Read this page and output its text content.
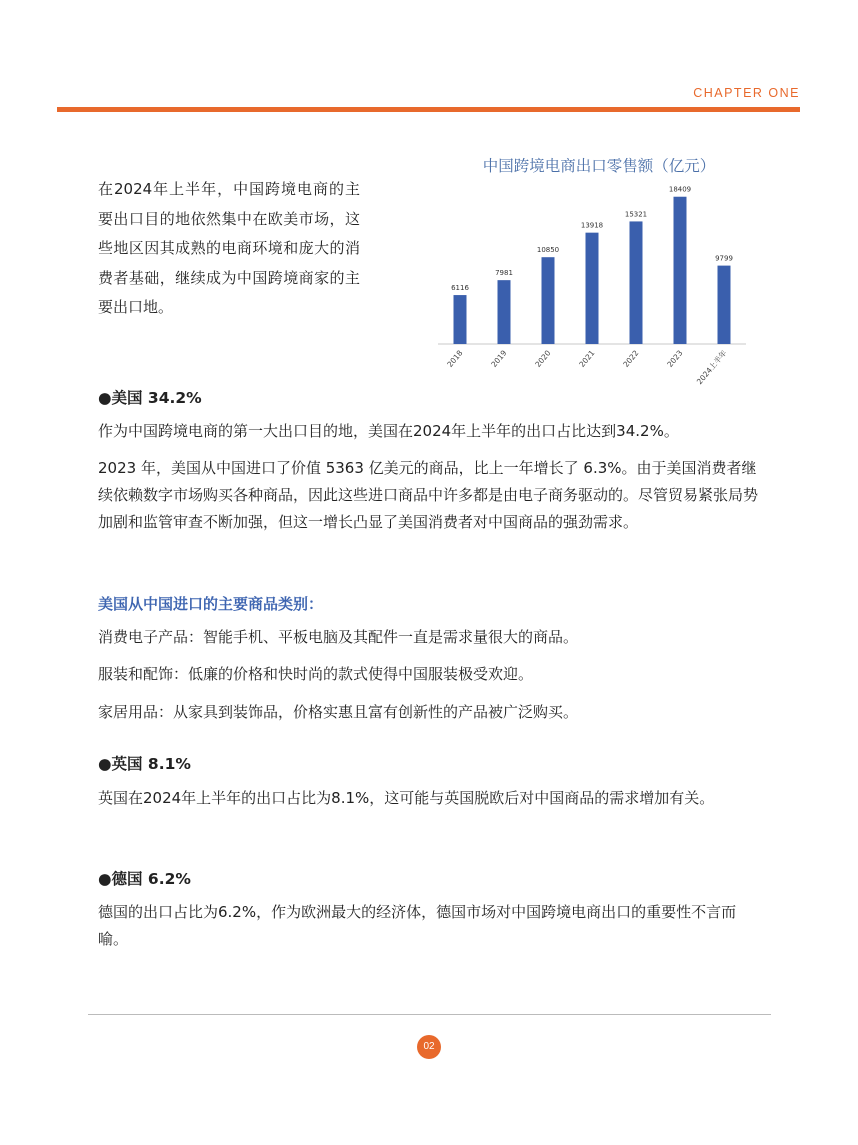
CHAPTER ONE

在2024年上半年，中国跨境电商的主要出口目的地依然集中在欧美市场，这些地区因其成熟的电商环境和庞大的消费者基础，继续成为中国跨境商家的主要出口地。

中国跨境电商出口零售额（亿元）
6116
2018
7981
2019
10850
2020
13918
2021
15321
2022
18409
2023
9799
2024上半年
●美国 34.2%

作为中国跨境电商的第一大出口目的地，美国在2024年上半年的出口占比达到34.2%。

2023 年，美国从中国进口了价值 5363 亿美元的商品，比上一年增长了 6.3%。由于美国消费者继续依赖数字市场购买各种商品，因此这些进口商品中许多都是由电子商务驱动的。尽管贸易紧张局势加剧和监管审查不断加强，但这一增长凸显了美国消费者对中国商品的强劲需求。

美国从中国进口的主要商品类别：

消费电子产品：智能手机、平板电脑及其配件一直是需求量很大的商品。

服装和配饰：低廉的价格和快时尚的款式使得中国服装极受欢迎。

家居用品：从家具到装饰品，价格实惠且富有创新性的产品被广泛购买。

●英国 8.1%

英国在2024年上半年的出口占比为8.1%，这可能与英国脱欧后对中国商品的需求增加有关。

●德国 6.2%

德国的出口占比为6.2%，作为欧洲最大的经济体，德国市场对中国跨境电商出口的重要性不言而喻。

02
